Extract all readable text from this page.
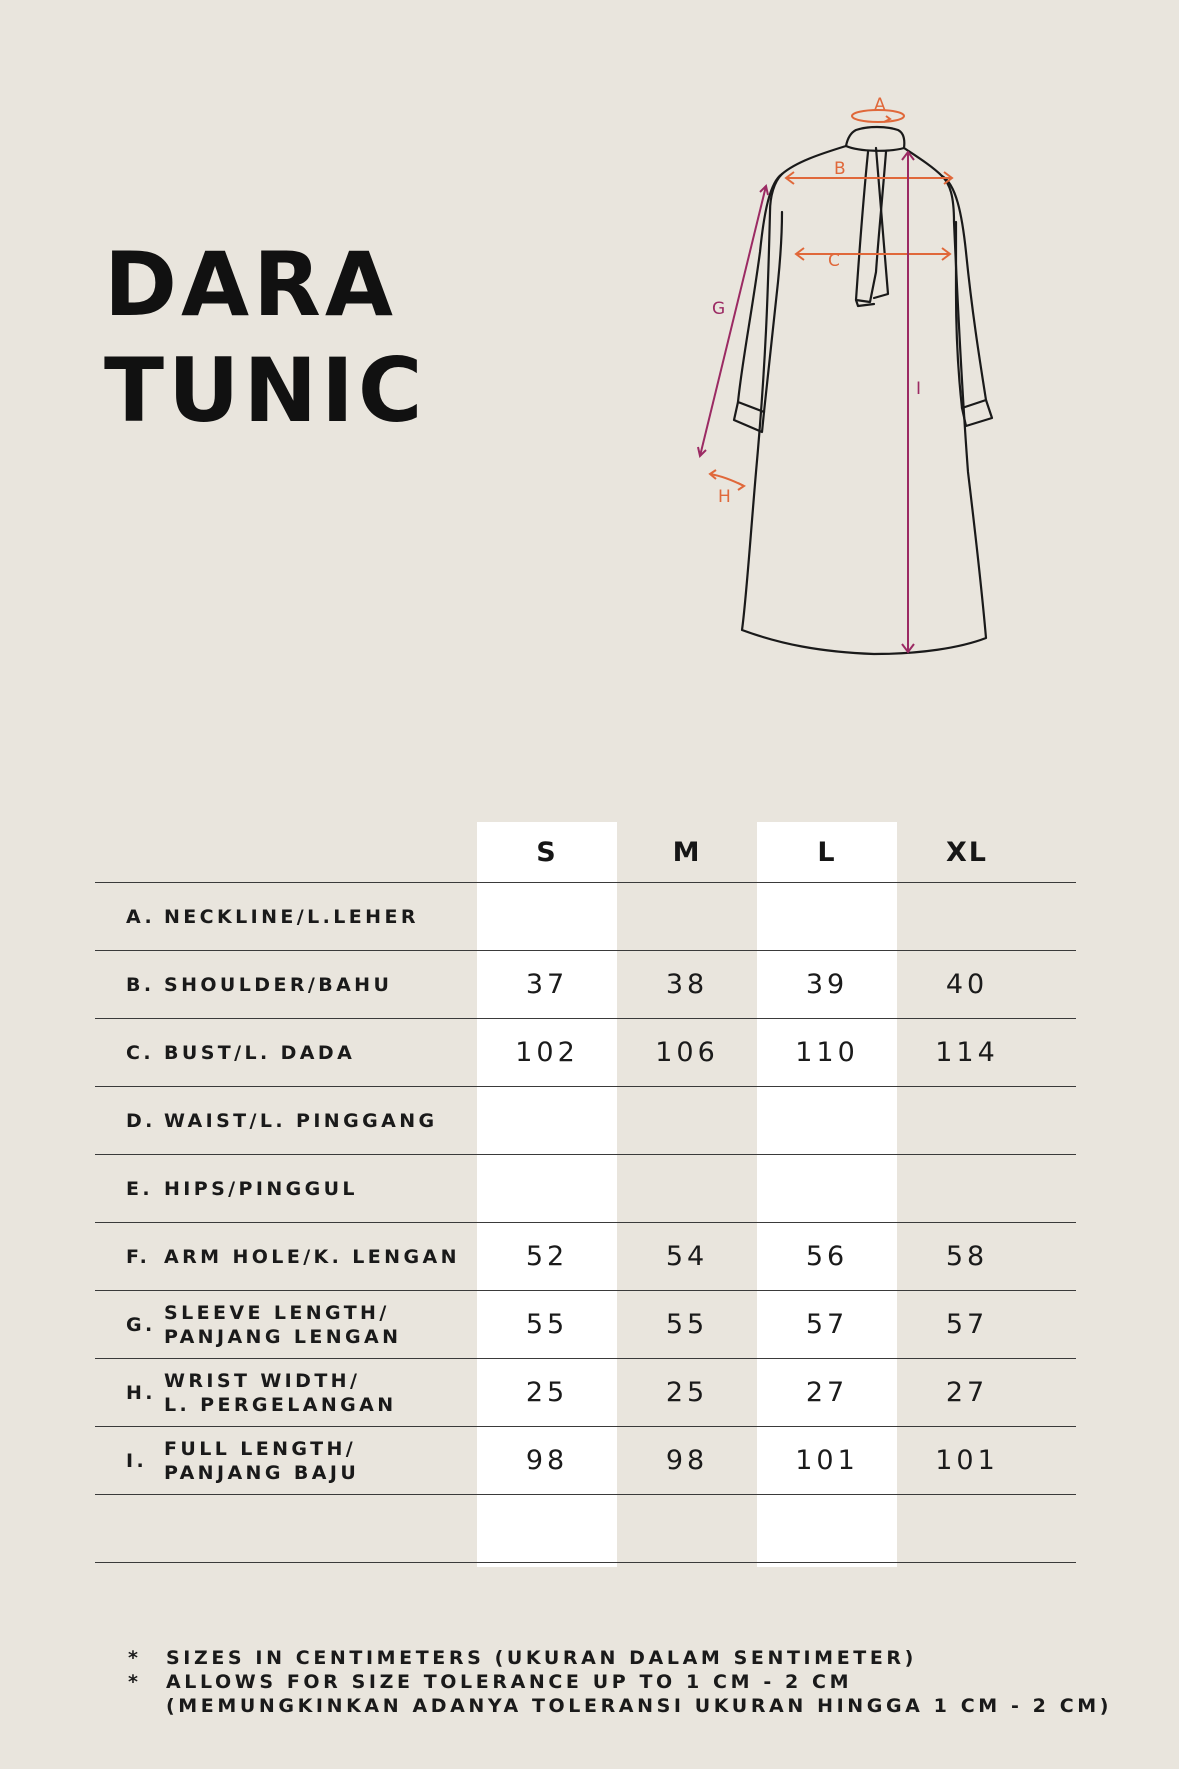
DARA
TUNIC
A
B
C
G
H
I
S	M	L	XL
A. NECKLINE/L.LEHER
B. SHOULDER/BAHU	37	38	39	40
C. BUST/L. DADA	102	106	110	114
D. WAIST/L. PINGGANG
E. HIPS/PINGGUL
F. ARM HOLE/K. LENGAN	52	54	56	58
G.
SLEEVE LENGTH/
PANJANG LENGAN	55	55	57	57
H.
WRIST WIDTH/
L. PERGELANGAN	25	25	27	27
I.
FULL LENGTH/
PANJANG BAJU	98	98	101	101
* SIZES IN CENTIMETERS (UKURAN DALAM SENTIMETER)
* ALLOWS FOR SIZE TOLERANCE UP TO 1 CM - 2 CM
(MEMUNGKINKAN ADANYA TOLERANSI UKURAN HINGGA 1 CM - 2 CM)
